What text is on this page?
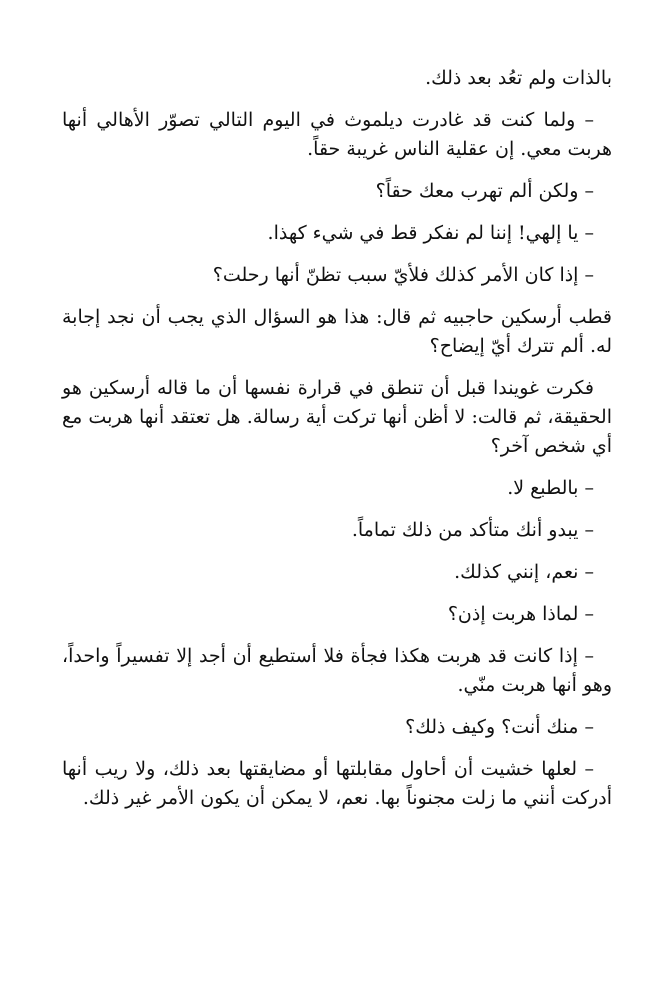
بالذات ولم تعُد بعد ذلك.

– ولما كنت قد غادرت ديلموث في اليوم التالي تصوّر الأهالي أنها هربت معي. إن عقلية الناس غريبة حقاً.

– ولكن ألم تهرب معك حقاً؟

– يا إلهي! إننا لم نفكر قط في شيء كهذا.

– إذا كان الأمر كذلك فلأيّ سبب تظنّ أنها رحلت؟

قطب أرسكين حاجبيه ثم قال: هذا هو السؤال الذي يجب أن نجد إجابة له. ألم تترك أيّ إيضاح؟

فكرت غويندا قبل أن تنطق في قرارة نفسها أن ما قاله أرسكين هو الحقيقة، ثم قالت: لا أظن أنها تركت أية رسالة. هل تعتقد أنها هربت مع أي شخص آخر؟

– بالطبع لا.

– يبدو أنك متأكد من ذلك تماماً.

– نعم، إنني كذلك.

– لماذا هربت إذن؟

– إذا كانت قد هربت هكذا فجأة فلا أستطيع أن أجد إلا تفسيراً واحداً، وهو أنها هربت منّي.

– منك أنت؟ وكيف ذلك؟

– لعلها خشيت أن أحاول مقابلتها أو مضايقتها بعد ذلك، ولا ريب أنها أدركت أنني ما زلت مجنوناً بها. نعم، لا يمكن أن يكون الأمر غير ذلك.
